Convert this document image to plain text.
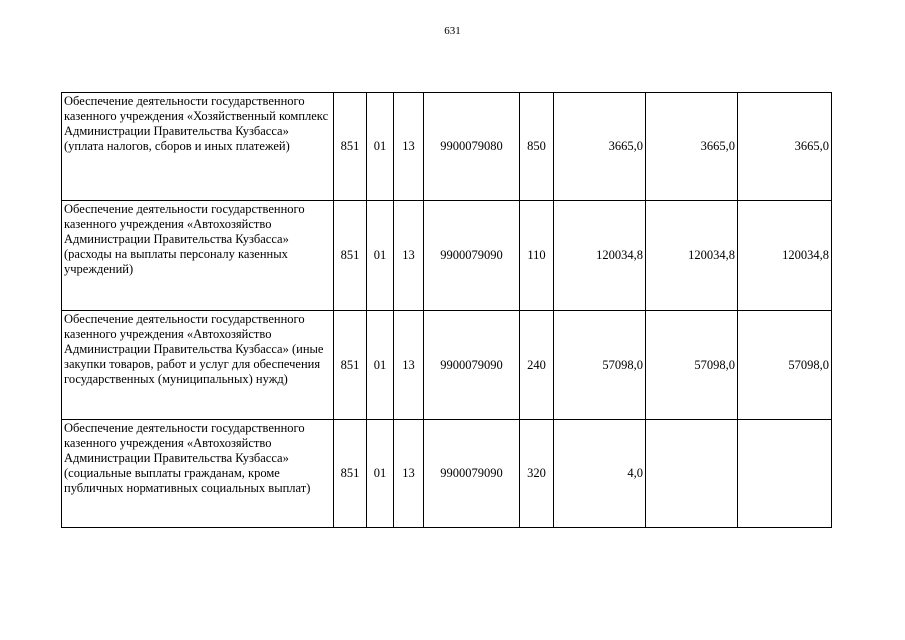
631
Обеспечение деятельности государственного казенного учреждения «Хозяйственный комплекс Администрации Правительства Кузбасса» (уплата налогов, сборов и иных платежей)	851	01	13	9900079080	850	3665,0	3665,0	3665,0
Обеспечение деятельности государственного казенного учреждения «Автохозяйство Администрации Правительства Кузбасса» (расходы на выплаты персоналу казенных учреждений)	851	01	13	9900079090	110	120034,8	120034,8	120034,8
Обеспечение деятельности государственного казенного учреждения «Автохозяйство Администрации Правительства Кузбасса» (иные закупки товаров, работ и услуг для обеспечения государственных (муниципальных) нужд)	851	01	13	9900079090	240	57098,0	57098,0	57098,0
Обеспечение деятельности государственного казенного учреждения «Автохозяйство Администрации Правительства Кузбасса» (социальные выплаты гражданам, кроме публичных нормативных социальных выплат)	851	01	13	9900079090	320	4,0		
